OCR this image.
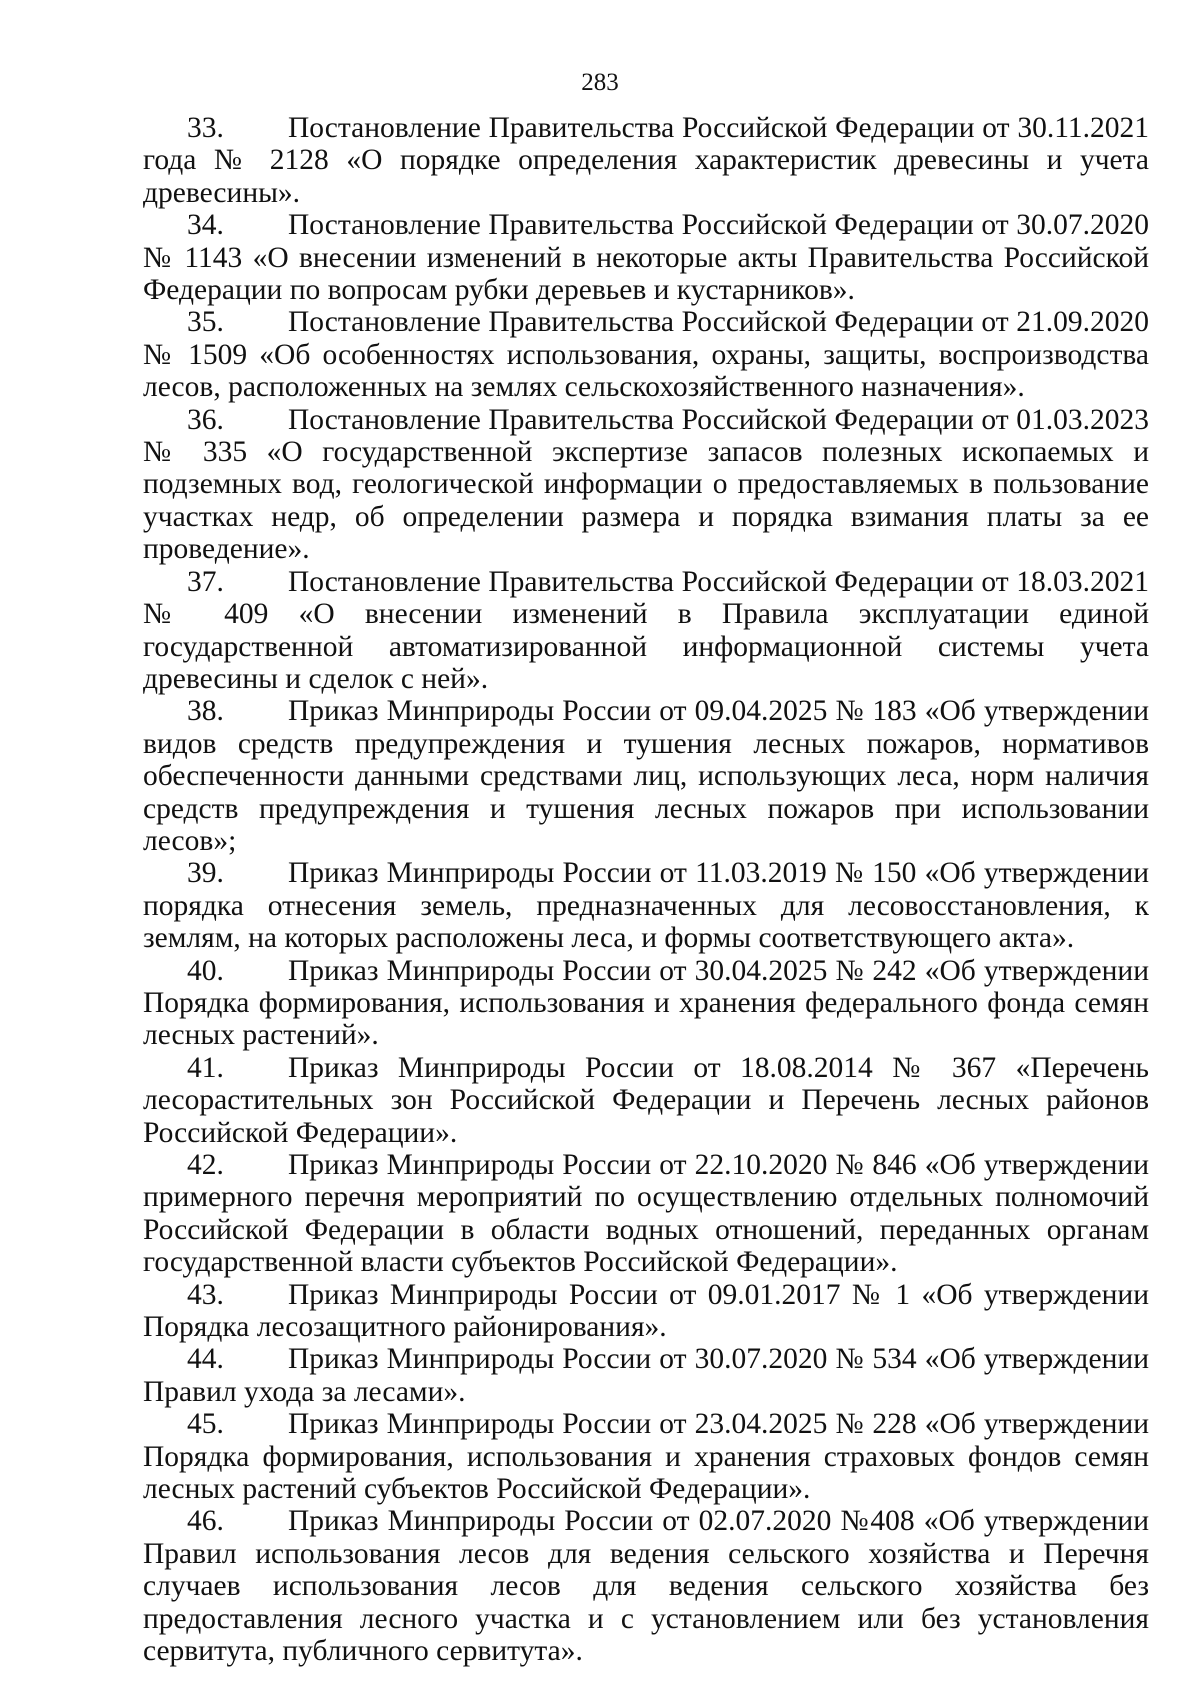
283

33. Постановление Правительства Российской Федерации от 30.11.2021 года № 2128 «О порядке определения характеристик древесины и учета древесины».

34. Постановление Правительства Российской Федерации от 30.07.2020 № 1143 «О внесении изменений в некоторые акты Правительства Российской Федерации по вопросам рубки деревьев и кустарников».

35. Постановление Правительства Российской Федерации от 21.09.2020 № 1509 «Об особенностях использования, охраны, защиты, воспроизводства лесов, расположенных на землях сельскохозяйственного назначения».

36. Постановление Правительства Российской Федерации от 01.03.2023 № 335 «О государственной экспертизе запасов полезных ископаемых и подземных вод, геологической информации о предоставляемых в пользование участках недр, об определении размера и порядка взимания платы за ее проведение».

37. Постановление Правительства Российской Федерации от 18.03.2021 № 409 «О внесении изменений в Правила эксплуатации единой государственной автоматизированной информационной системы учета древесины и сделок с ней».

38. Приказ Минприроды России от 09.04.2025 № 183 «Об утверждении видов средств предупреждения и тушения лесных пожаров, нормативов обеспеченности данными средствами лиц, использующих леса, норм наличия средств предупреждения и тушения лесных пожаров при использовании лесов»;

39. Приказ Минприроды России от 11.03.2019 № 150 «Об утверждении порядка отнесения земель, предназначенных для лесовосстановления, к землям, на которых расположены леса, и формы соответствующего акта».

40. Приказ Минприроды России от 30.04.2025 № 242 «Об утверждении Порядка формирования, использования и хранения федерального фонда семян лесных растений».

41. Приказ Минприроды России от 18.08.2014 № 367 «Перечень лесорастительных зон Российской Федерации и Перечень лесных районов Российской Федерации».

42. Приказ Минприроды России от 22.10.2020 № 846 «Об утверждении примерного перечня мероприятий по осуществлению отдельных полномочий Российской Федерации в области водных отношений, переданных органам государственной власти субъектов Российской Федерации».

43. Приказ Минприроды России от 09.01.2017 № 1 «Об утверждении Порядка лесозащитного районирования».

44. Приказ Минприроды России от 30.07.2020 № 534 «Об утверждении Правил ухода за лесами».

45. Приказ Минприроды России от 23.04.2025 № 228 «Об утверждении Порядка формирования, использования и хранения страховых фондов семян лесных растений субъектов Российской Федерации».

46. Приказ Минприроды России от 02.07.2020 №408 «Об утверждении Правил использования лесов для ведения сельского хозяйства и Перечня случаев использования лесов для ведения сельского хозяйства без предоставления лесного участка и с установлением или без установления сервитута, публичного сервитута».
